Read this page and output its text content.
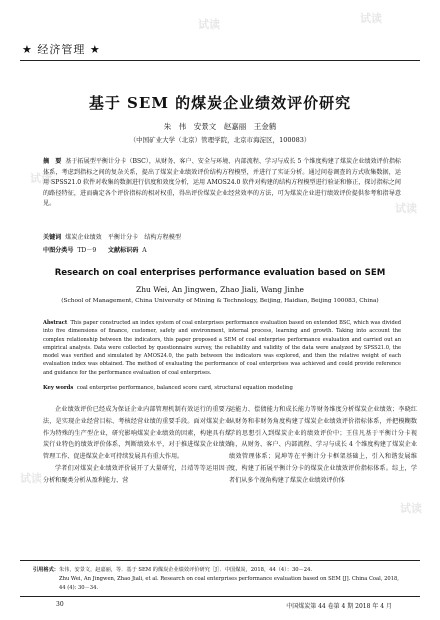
试读	试读
试读
试读
试读
试读
★ 经济管理 ★
基于 SEM 的煤炭企业绩效评价研究
朱　伟　安景文　赵嘉丽　王金鹤
（中国矿业大学（北京）管理学院，北京市海淀区，100083）
摘　要 基于拓展型平衡计分卡（BSC），从财务、客户、安全与环境、内部流程、学习与成长 5 个维度构建了煤炭企业绩效评价指标体系，考虑到指标之间的复杂关系，提出了煤炭企业绩效评价结构方程模型，并进行了实证分析。通过问卷调查的方式收集数据，运用 SPSS21.0 软件对收集的数据进行信度和效度分析，运用 AMOS24.0 软件对构建的结构方程模型进行验证和修正，探讨指标之间的路径特征，进而确定各个评价指标的相对权重，得出评价煤炭企业经营效率的方法，可为煤炭企业进行绩效评价提供参考和指导意见。
关键词 煤炭企业绩效　平衡计分卡　结构方程模型
中图分类号 TD－9 文献标识码 A
Research on coal enterprises performance evaluation based on SEM
Zhu Wei, An Jingwen, Zhao Jiali, Wang Jinhe
(School of Management, China University of Mining & Technology, Beijing, Haidian, Beijing 100083, China)
Abstract This paper constructed an index system of coal enterprises performance evaluation based on extended BSC, which was divided into five dimensions of finance, customer, safety and environment, internal process, learning and growth. Taking into account the complex relationship between the indicators, this paper proposed a SEM of coal enterprise performance evaluation and carried out an empirical analysis. Data were collected by questionnaire survey, the reliability and validity of the data were analyzed by SPSS21.0, the model was verified and simulated by AMOS24.0, the path between the indicators was explored, and then the relative weight of each evaluation index was obtained. The method of evaluating the performance of coal enterprises was achieved and could provide reference and guidance for the performance evaluation of coal enterprises.
Key words coal enterprise performance, balanced score card, structural equation modeling

企业绩效评价已经成为保证企业内部管理机制有效运行的重要方法，是实现企业经营目标、考核经营业绩的重要手段。面对煤炭企业作为特殊的生产型企业，研究影响煤炭企业绩效的因素，构建具有煤炭行业特色的绩效评价体系，判断绩效水平，对于推进煤炭企业绩效管理工作、促进煤炭企业可持续发展具有重大作用。

学者们对煤炭企业绩效评价展开了大量研究，吕靖等等运用因子分析和聚类分析从盈利能力、营

运能力、偿债能力和成长能力等财务维度分析煤炭企业绩效；李晓红从财务和非财务角度构建了煤炭企业绩效评价指标体系，并把模糊数学的思想引入到煤炭企业的绩效评价中；王佳凡基于平衡计分卡视角，从财务、客户、内部流程、学习与成长 4 个维度构建了煤炭企业绩效管理体系；晁坤等在平衡计分卡框架基础上，引入和谐发展维度，构建了拓展平衡计分卡的煤炭企业绩效评价指标体系。综上，学者们从多个视角构建了煤炭企业绩效评价体

引用格式：朱伟，安景文，赵嘉丽，等．基于 SEM 的煤炭企业绩效评价研究［J］．中国煤炭，2018，44（4）：30－24.
Zhu Wei, An Jingwen, Zhao Jiali, et al. Research on coal enterprises performance evaluation based on SEM [J]. China Coal, 2018, 44 (4): 30－34.
30	中国煤炭第 44 卷第 4 期 2018 年 4 月
